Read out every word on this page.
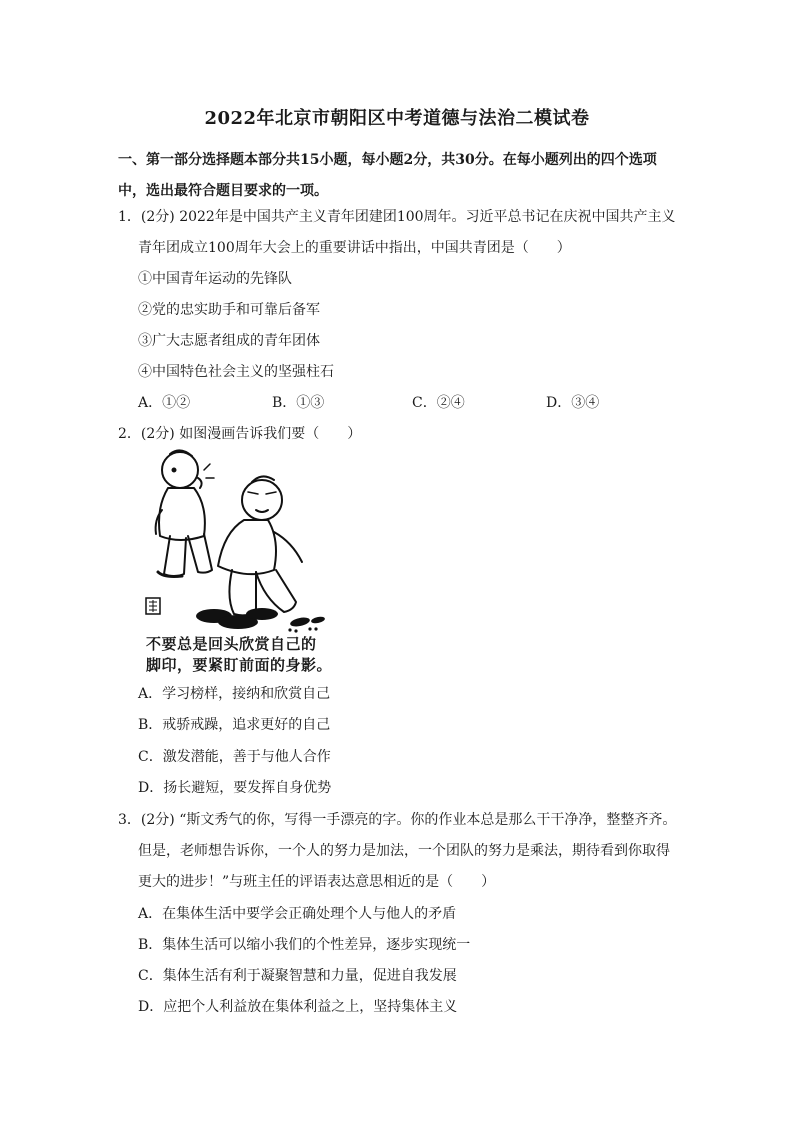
2022年北京市朝阳区中考道德与法治二模试卷
一、第一部分选择题本部分共15小题，每小题2分，共30分。在每小题列出的四个选项
中，选出最符合题目要求的一项。
1．(2分) 2022年是中国共产主义青年团建团100周年。习近平总书记在庆祝中国共产主义
青年团成立100周年大会上的重要讲话中指出，中国共青团是（　　）
①中国青年运动的先锋队
②党的忠实助手和可靠后备军
③广大志愿者组成的青年团体
④中国特色社会主义的坚强柱石
A．①②	B．①③	C．②④	D．③④
2．(2分) 如图漫画告诉我们要（　　）
不要总是回头欣赏自己的
脚印，要紧盯前面的身影。
A．学习榜样，接纳和欣赏自己
B．戒骄戒躁，追求更好的自己
C．激发潜能，善于与他人合作
D．扬长避短，要发挥自身优势
3．(2分) “斯文秀气的你，写得一手漂亮的字。你的作业本总是那么干干净净，整整齐齐。
但是，老师想告诉你，一个人的努力是加法，一个团队的努力是乘法，期待看到你取得
更大的进步！”与班主任的评语表达意思相近的是（　　）
A．在集体生活中要学会正确处理个人与他人的矛盾
B．集体生活可以缩小我们的个性差异，逐步实现统一
C．集体生活有利于凝聚智慧和力量，促进自我发展
D．应把个人利益放在集体利益之上，坚持集体主义
